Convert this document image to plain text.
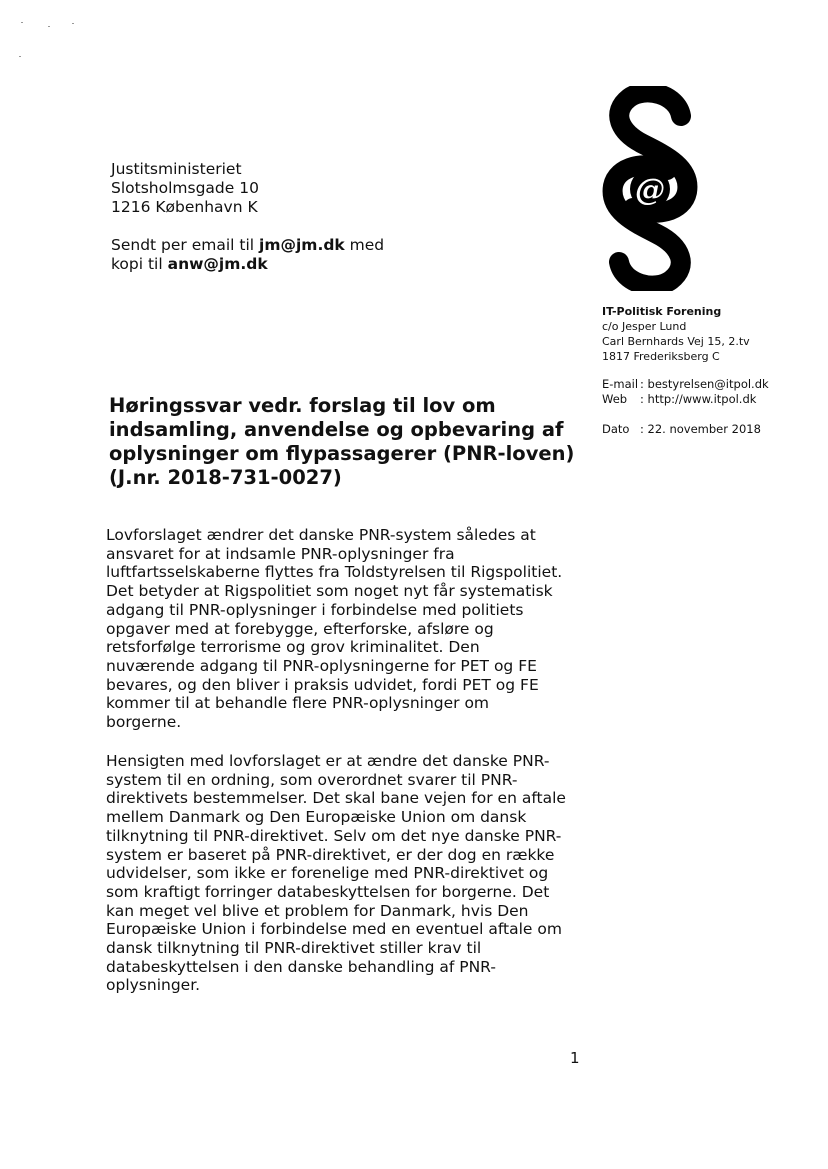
Justitsministeriet
Slotsholmsgade 10
1216 København K
Sendt per email til jm@jm.dk med
kopi til anw@jm.dk
@
IT-Politisk Forening
c/o Jesper Lund
Carl Bernhards Vej 15, 2.tv
1817 Frederiksberg C
E-mail : bestyrelsen@itpol.dk
Web	: http://www.itpol.dk
Dato : 22. november 2018
Høringssvar vedr. forslag til lov om
indsamling, anvendelse og opbevaring af
oplysninger om flypassagerer (PNR-loven)
(J.nr. 2018-731-0027)
Lovforslaget ændrer det danske PNR-system således at
ansvaret for at indsamle PNR-oplysninger fra
luftfartsselskaberne flyttes fra Toldstyrelsen til Rigspolitiet.
Det betyder at Rigspolitiet som noget nyt får systematisk
adgang til PNR-oplysninger i forbindelse med politiets
opgaver med at forebygge, efterforske, afsløre og
retsforfølge terrorisme og grov kriminalitet. Den
nuværende adgang til PNR-oplysningerne for PET og FE
bevares, og den bliver i praksis udvidet, fordi PET og FE
kommer til at behandle flere PNR-oplysninger om
borgerne.
Hensigten med lovforslaget er at ændre det danske PNR-
system til en ordning, som overordnet svarer til PNR-
direktivets bestemmelser. Det skal bane vejen for en aftale
mellem Danmark og Den Europæiske Union om dansk
tilknytning til PNR-direktivet. Selv om det nye danske PNR-
system er baseret på PNR-direktivet, er der dog en række
udvidelser, som ikke er forenelige med PNR-direktivet og
som kraftigt forringer databeskyttelsen for borgerne. Det
kan meget vel blive et problem for Danmark, hvis Den
Europæiske Union i forbindelse med en eventuel aftale om
dansk tilknytning til PNR-direktivet stiller krav til
databeskyttelsen i den danske behandling af PNR-
oplysninger.
1
